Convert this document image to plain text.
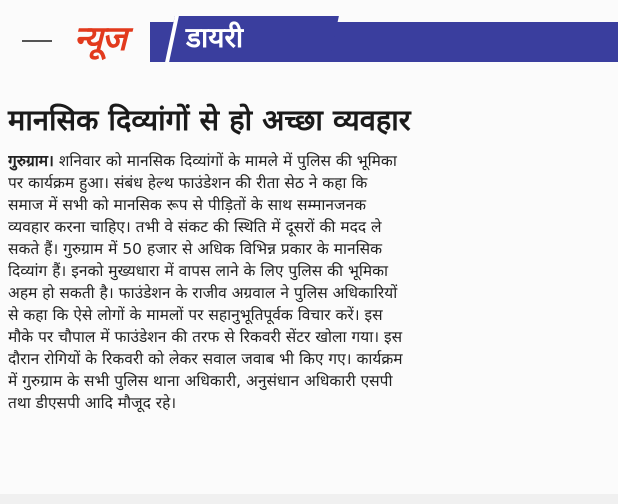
न्यूज डायरी
मानसिक दिव्यांगों से हो अच्छा व्यवहार
गुरुग्राम। शनिवार को मानसिक दिव्यांगों के मामले में पुलिस की भूमिका
पर कार्यक्रम हुआ। संबंध हेल्थ फाउंडेशन की रीता सेठ ने कहा कि
समाज में सभी को मानसिक रूप से पीड़ितों के साथ सम्मानजनक
व्यवहार करना चाहिए। तभी वे संकट की स्थिति में दूसरों की मदद ले
सकते हैं। गुरुग्राम में 50 हजार से अधिक विभिन्न प्रकार के मानसिक
दिव्यांग हैं। इनको मुख्यधारा में वापस लाने के लिए पुलिस की भूमिका
अहम हो सकती है। फाउंडेशन के राजीव अग्रवाल ने पुलिस अधिकारियों
से कहा कि ऐसे लोगों के मामलों पर सहानुभूतिपूर्वक विचार करें। इस
मौके पर चौपाल में फाउंडेशन की तरफ से रिकवरी सेंटर खोला गया। इस
दौरान रोगियों के रिकवरी को लेकर सवाल जवाब भी किए गए। कार्यक्रम
में गुरुग्राम के सभी पुलिस थाना अधिकारी, अनुसंधान अधिकारी एसपी
तथा डीएसपी आदि मौजूद रहे।
